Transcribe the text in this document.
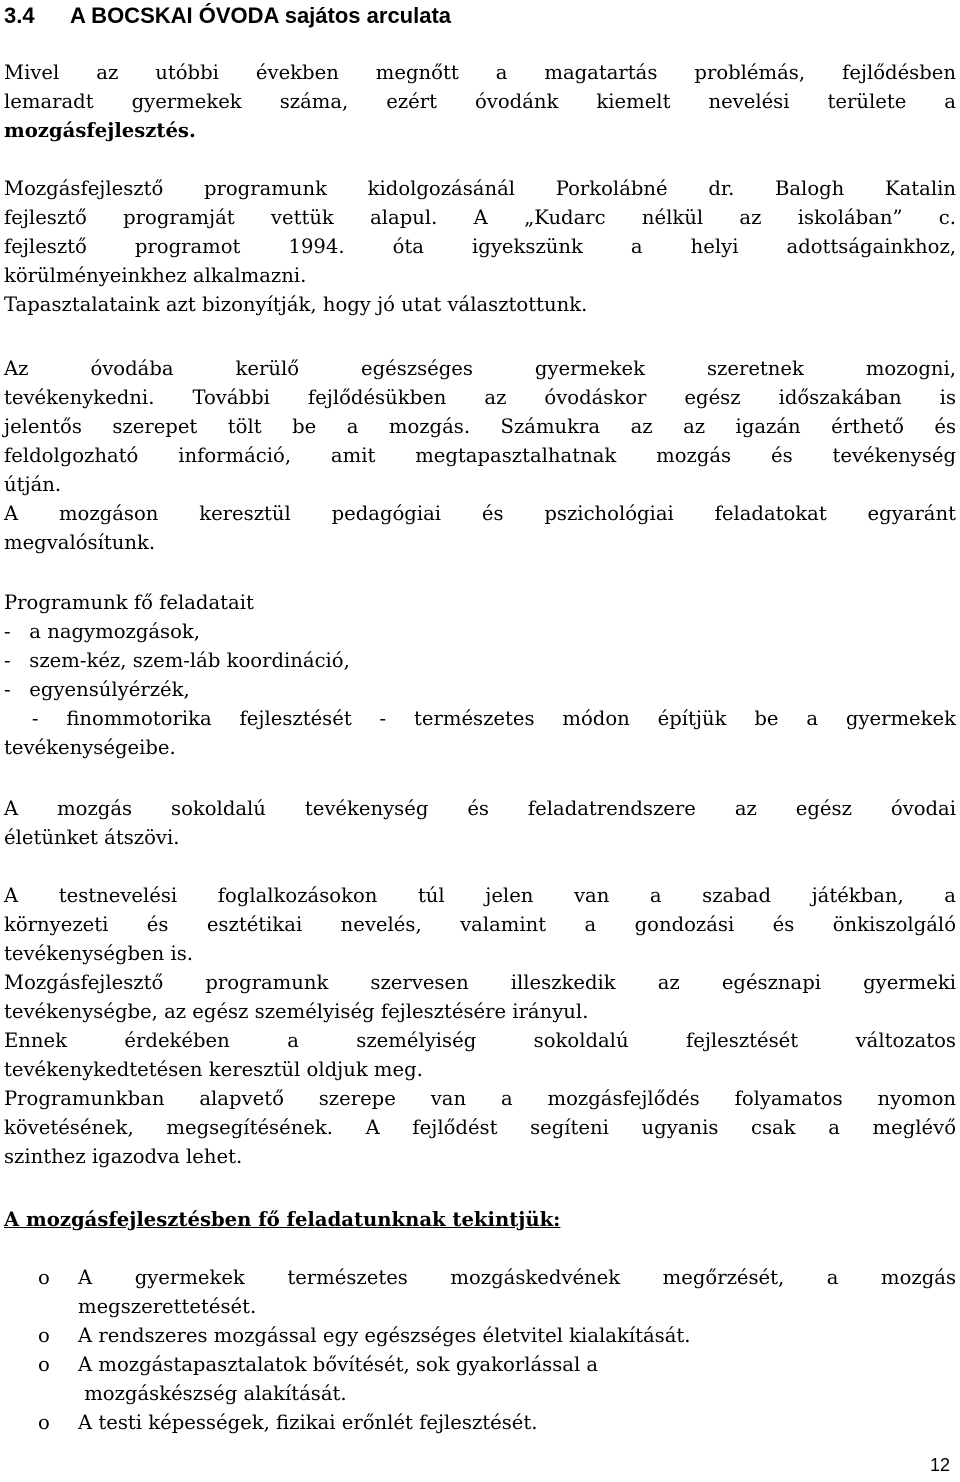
3.4 A BOCSKAI ÓVODA sajátos arculata
Mivel az utóbbi években megnőtt a magatartás problémás, fejlődésben
lemaradt gyermekek száma, ezért óvodánk kiemelt nevelési területe a
mozgásfejlesztés.
Mozgásfejlesztő programunk kidolgozásánál Porkolábné dr. Balogh Katalin
fejlesztő programját vettük alapul. A „Kudarc nélkül az iskolában” c.
fejlesztő programot 1994. óta igyekszünk a helyi adottságainkhoz,
körülményeinkhez alkalmazni.
Tapasztalataink azt bizonyítják, hogy jó utat választottunk.
Az óvodába kerülő egészséges gyermekek szeretnek mozogni,
tevékenykedni. További fejlődésükben az óvodáskor egész időszakában is
jelentős szerepet tölt be a mozgás. Számukra az az igazán érthető és
feldolgozható információ, amit megtapasztalhatnak mozgás és tevékenység
útján.
A mozgáson keresztül pedagógiai és pszichológiai feladatokat egyaránt
megvalósítunk.
Programunk fő feladatait
-   a nagymozgások,
-   szem-kéz, szem-láb koordináció,
-   egyensúlyérzék,
- finommotorika fejlesztését - természetes módon építjük be a gyermekek
tevékenységeibe.
A mozgás sokoldalú tevékenység és feladatrendszere az egész óvodai
életünket átszövi.
A testnevelési foglalkozásokon túl jelen van a szabad játékban, a
környezeti és esztétikai nevelés, valamint a gondozási és önkiszolgáló
tevékenységben is.
Mozgásfejlesztő programunk szervesen illeszkedik az egésznapi gyermeki
tevékenységbe, az egész személyiség fejlesztésére irányul.
Ennek érdekében a személyiség sokoldalú fejlesztését változatos
tevékenykedtetésen keresztül oldjuk meg.
Programunkban alapvető szerepe van a mozgásfejlődés folyamatos nyomon
követésének, megsegítésének. A fejlődést segíteni ugyanis csak a meglévő
szinthez igazodva lehet.
A mozgásfejlesztésben fő feladatunknak tekintjük:
o A gyermekek természetes mozgáskedvének megőrzését, a mozgás
megszerettetését.
o A rendszeres mozgással egy egészséges életvitel kialakítását.
o A mozgástapasztalatok bővítését, sok gyakorlással a
mozgáskészség alakítását.
o A testi képességek, fizikai erőnlét fejlesztését.
12
